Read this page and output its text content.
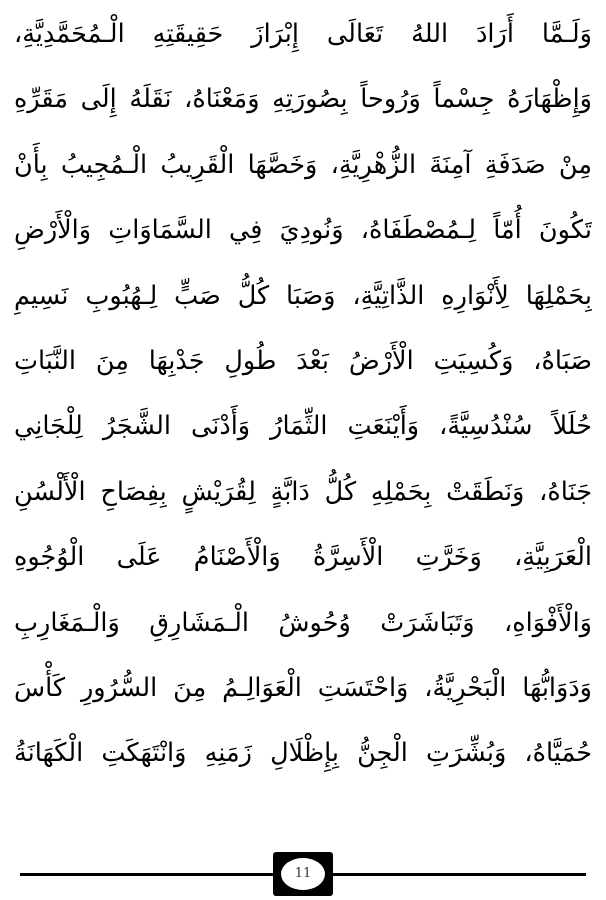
وَلَـمَّا أَرَادَ اللهُ تَعَالَى إِبْرَازَ حَقِيقَتِهِ الْـمُحَمَّدِيَّةِ،
وَإِظْهَارَهُ جِسْماً وَرُوحاً بِصُورَتِهِ وَمَعْنَاهُ، نَقَلَهُ إِلَى مَقَرِّهِ
مِنْ صَدَفَةِ آمِنَةَ الزُّهْرِيَّةِ، وَخَصَّهَا الْقَرِيبُ الْـمُجِيبُ بِأَنْ
تَكُونَ أُمّاً لِـمُصْطَفَاهُ، وَنُودِيَ فِي السَّمَاوَاتِ وَالْأَرْضِ
بِحَمْلِهَا لِأَنْوَارِهِ الذَّاتِيَّةِ، وَصَبَا كُلُّ صَبٍّ لِـهُبُوبِ نَسِيمِ
صَبَاهُ، وَكُسِيَتِ الْأَرْضُ بَعْدَ طُولِ جَدْبِهَا مِنَ النَّبَاتِ
حُلَلاً سُنْدُسِيَّةً، وَأَيْنَعَتِ الثِّمَارُ وَأَدْنَى الشَّجَرُ لِلْجَانِي
جَنَاهُ، وَنَطَقَتْ بِحَمْلِهِ كُلُّ دَابَّةٍ لِقُرَيْشٍ بِفِصَاحِ الْأَلْسُنِ
الْعَرَبِيَّةِ، وَخَرَّتِ الْأَسِرَّةُ وَالْأَصْنَامُ عَلَى الْوُجُوهِ
وَالْأَفْوَاهِ، وَتَبَاشَرَتْ وُحُوشُ الْـمَشَارِقِ وَالْـمَغَارِبِ
وَدَوَابُّهَا الْبَحْرِيَّةُ، وَاحْتَسَتِ الْعَوَالِـمُ مِنَ السُّرُورِ كَأْسَ
حُمَيَّاهُ، وَبُشِّرَتِ الْجِنُّ بِإِظْلَالِ زَمَنِهِ وَانْتَهَكَتِ الْكَهَانَةُ
11
